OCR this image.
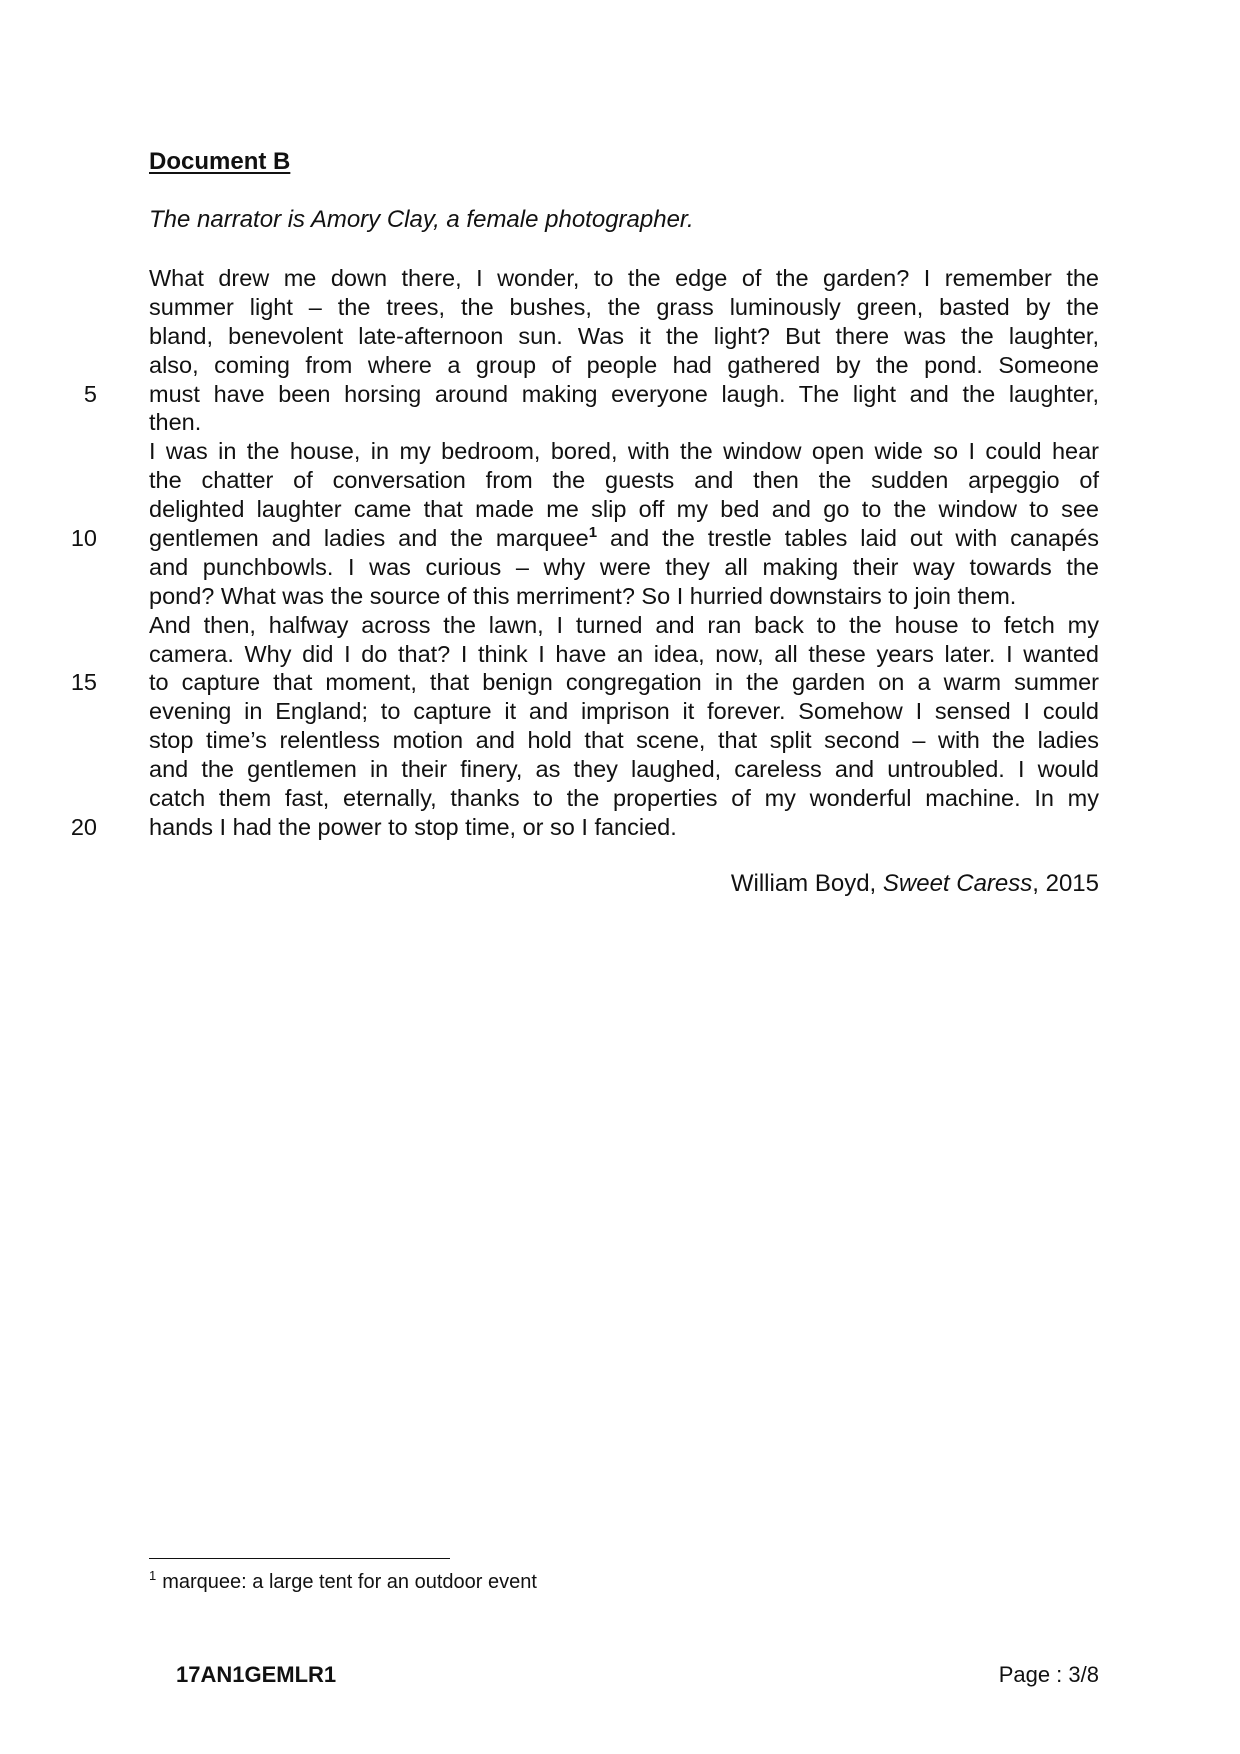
Document B
The narrator is Amory Clay, a female photographer.
What drew me down there, I wonder, to the edge of the garden? I remember the
summer light – the trees, the bushes, the grass luminously green, basted by the
bland, benevolent late-afternoon sun. Was it the light? But there was the laughter,
also, coming from where a group of people had gathered by the pond. Someone
5 must have been horsing around making everyone laugh. The light and the laughter,
then.
I was in the house, in my bedroom, bored, with the window open wide so I could hear
the chatter of conversation from the guests and then the sudden arpeggio of
delighted laughter came that made me slip off my bed and go to the window to see
10 gentlemen and ladies and the marquee$^1$ and the trestle tables laid out with canapés
and punchbowls. I was curious – why were they all making their way towards the
pond? What was the source of this merriment? So I hurried downstairs to join them.
And then, halfway across the lawn, I turned and ran back to the house to fetch my
camera. Why did I do that? I think I have an idea, now, all these years later. I wanted
15 to capture that moment, that benign congregation in the garden on a warm summer
evening in England; to capture it and imprison it forever. Somehow I sensed I could
stop time’s relentless motion and hold that scene, that split second – with the ladies
and the gentlemen in their finery, as they laughed, careless and untroubled. I would
catch them fast, eternally, thanks to the properties of my wonderful machine. In my
20 hands I had the power to stop time, or so I fancied.
William Boyd, Sweet Caress, 2015
$^1$ marquee: a large tent for an outdoor event
17AN1GEMLR1	Page : 3/8
